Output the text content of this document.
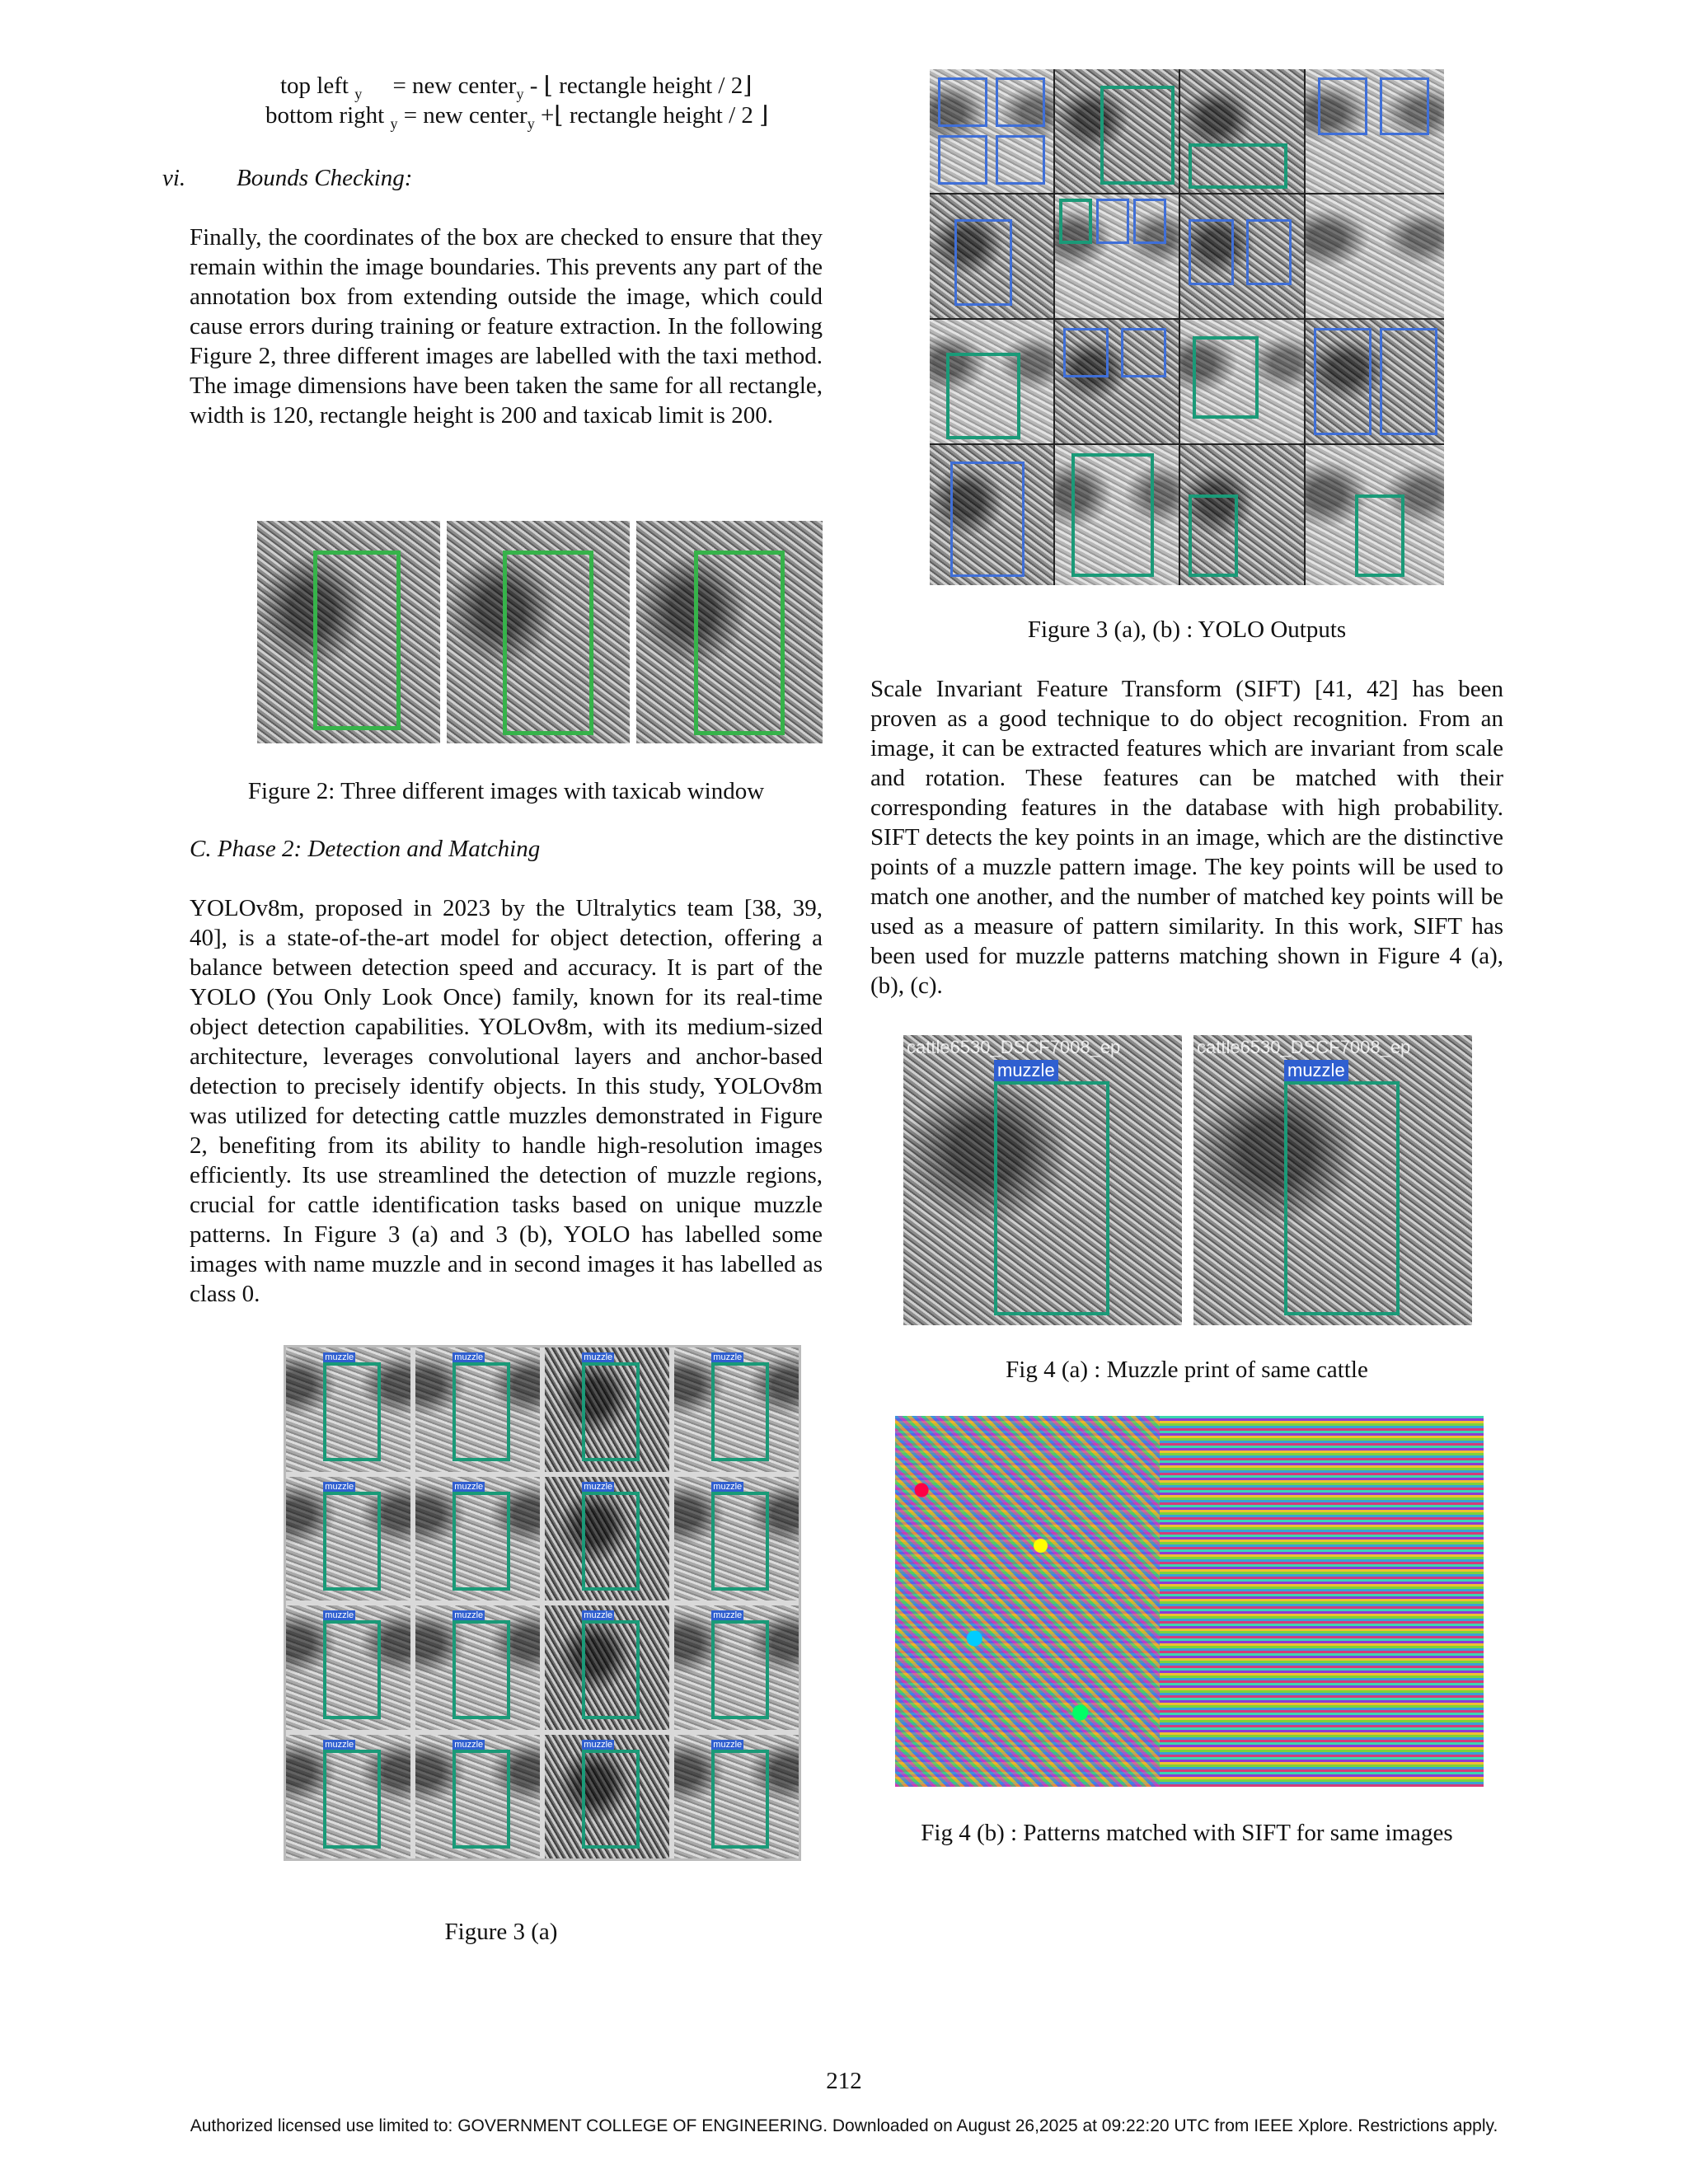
top left $_y$ = new center$_y$ - ⌊ rectangle height / 2⌋
bottom right $_y$ = new center$_y$ +⌊ rectangle height / 2 ⌋
vi. Bounds Checking:
Finally, the coordinates of the box are checked to ensure that they remain within the image boundaries. This prevents any part of the annotation box from extending outside the image, which could cause errors during training or feature extraction. In the following Figure 2, three different images are labelled with the taxi method. The image dimensions have been taken the same for all rectangle, width is 120, rectangle height is 200 and taxicab limit is 200.
Figure 2: Three different images with taxicab window
C. Phase 2: Detection and Matching
YOLOv8m, proposed in 2023 by the Ultralytics team [38, 39, 40], is a state-of-the-art model for object detection, offering a balance between detection speed and accuracy. It is part of the YOLO (You Only Look Once) family, known for its real-time object detection capabilities. YOLOv8m, with its medium-sized architecture, leverages convolutional layers and anchor-based detection to precisely identify objects. In this study, YOLOv8m was utilized for detecting cattle muzzles demonstrated in Figure 2, benefiting from its ability to handle high-resolution images efficiently. Its use streamlined the detection of muzzle regions, crucial for cattle identification tasks based on unique muzzle patterns. In Figure 3 (a) and 3 (b), YOLO has labelled some images with name muzzle and in second images it has labelled as class 0.
muzzle	muzzle	muzzle	muzzle
muzzle	muzzle	muzzle	muzzle
muzzle	muzzle	muzzle	muzzle
muzzle	muzzle	muzzle	muzzle
Figure 3 (a)
Figure 3 (a), (b) : YOLO Outputs
Scale Invariant Feature Transform (SIFT) [41, 42] has been proven as a good technique to do object recognition. From an image, it can be extracted features which are invariant from scale and rotation. These features can be matched with their corresponding features in the database with high probability. SIFT detects the key points in an image, which are the distinctive points of a muzzle pattern image. The key points will be used to match one another, and the number of matched key points will be used as a measure of pattern similarity. In this work, SIFT has been used for muzzle patterns matching shown in Figure 4 (a), (b), (c).
cattle6530_DSCF7008_ep
muzzle
cattle6530_DSCF7008_ep
muzzle
Fig 4 (a) : Muzzle print of same cattle
Fig 4 (b) : Patterns matched with SIFT for same images
212
Authorized licensed use limited to: GOVERNMENT COLLEGE OF ENGINEERING. Downloaded on August 26,2025 at 09:22:20 UTC from IEEE Xplore. Restrictions apply.
